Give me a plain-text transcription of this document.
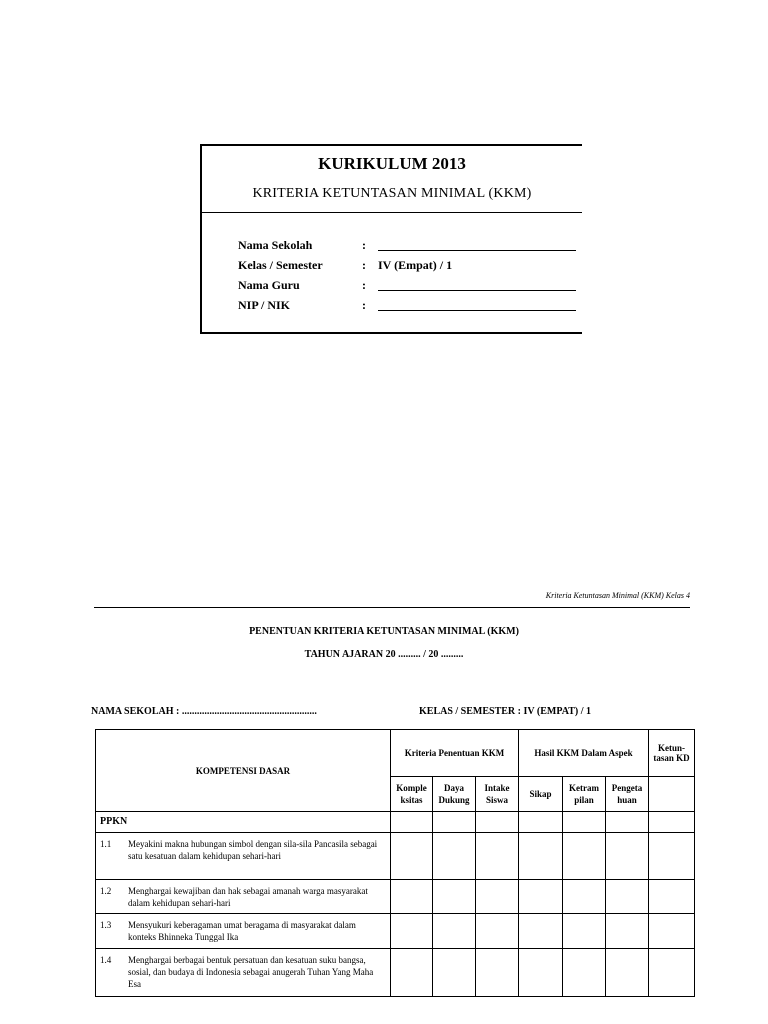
KURIKULUM 2013
KRITERIA KETUNTASAN MINIMAL (KKM)
Nama Sekolah	:
Kelas / Semester	:	IV (Empat) / 1
Nama Guru	:
NIP / NIK	:
Kriteria Ketuntasan Minimal (KKM) Kelas 4
PENENTUAN KRITERIA KETUNTASAN MINIMAL (KKM)
TAHUN AJARAN 20 ......... / 20 .........
NAMA SEKOLAH : ......................................................	KELAS / SEMESTER : IV (EMPAT) / 1
KOMPETENSI DASAR	Kriteria Penentuan KKM			Hasil KKM Dalam Aspek			Ketun-tasan KD
	Komple ksitas	Daya Dukung	Intake Siswa	Sikap	Ketram pilan	Pengeta huan	
PPKN							

1.1 Meyakini makna hubungan simbol dengan sila-sila Pancasila sebagai satu kesatuan dalam kehidupan sehari-hari							

1.2 Menghargai kewajiban dan hak sebagai amanah warga masyarakat dalam kehidupan sehari-hari							

1.3 Mensyukuri keberagaman umat beragama di masyarakat dalam konteks Bhinneka Tunggal Ika							

1.4 Menghargai berbagai bentuk persatuan dan kesatuan suku bangsa, sosial, dan budaya di Indonesia sebagai anugerah Tuhan Yang Maha Esa							
